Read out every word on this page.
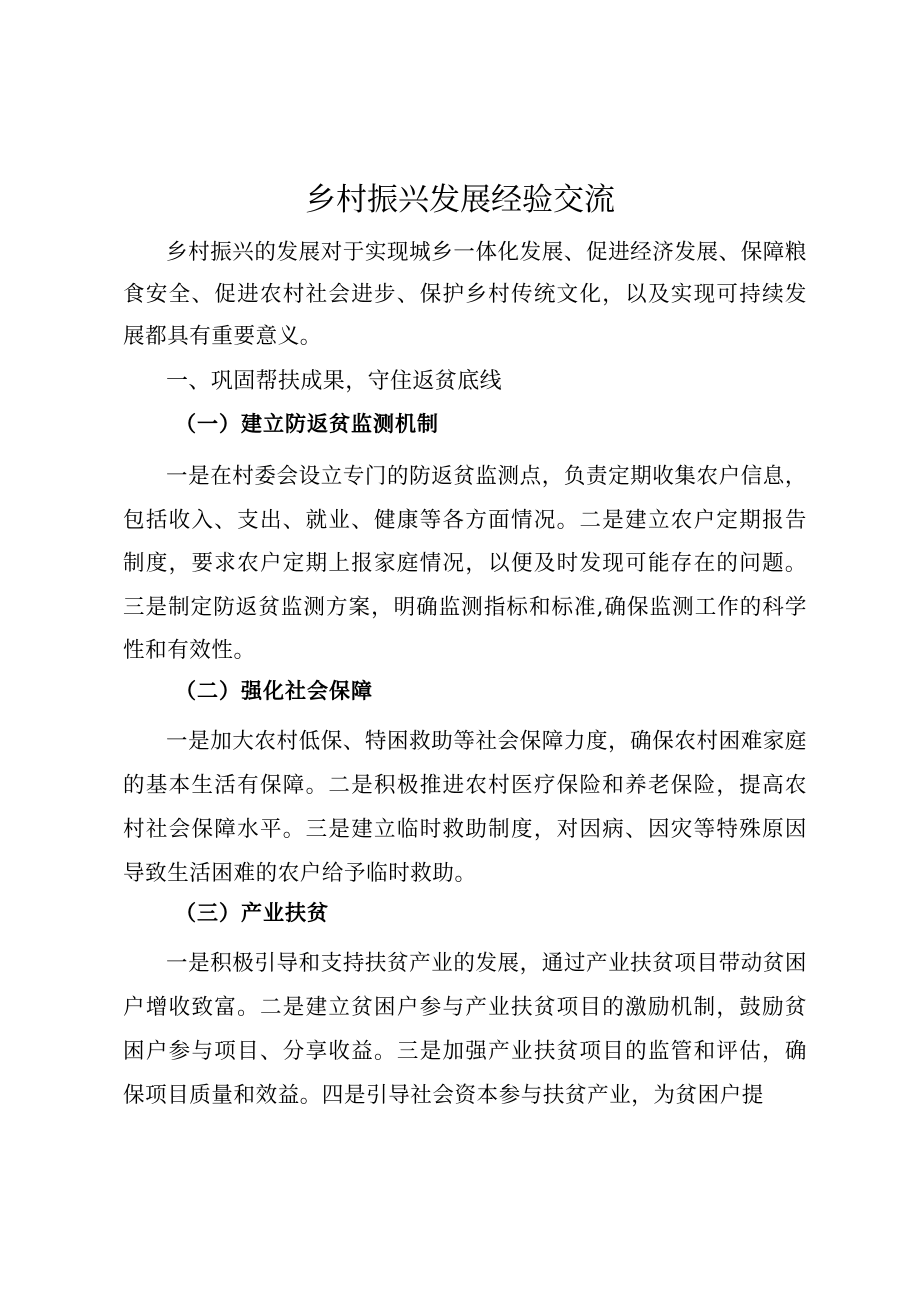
乡村振兴发展经验交流

乡村振兴的发展对于实现城乡一体化发展、促进经济发展、保障粮食安全、促进农村社会进步、保护乡村传统文化，以及实现可持续发展都具有重要意义。

一、巩固帮扶成果，守住返贫底线
（一）建立防返贫监测机制

一是在村委会设立专门的防返贫监测点，负责定期收集农户信息，包括收入、支出、就业、健康等各方面情况。二是建立农户定期报告制度，要求农户定期上报家庭情况，以便及时发现可能存在的问题。三是制定防返贫监测方案，明确监测指标和标准,确保监测工作的科学性和有效性。

（二）强化社会保障

一是加大农村低保、特困救助等社会保障力度，确保农村困难家庭的基本生活有保障。二是积极推进农村医疗保险和养老保险，提高农村社会保障水平。三是建立临时救助制度，对因病、因灾等特殊原因导致生活困难的农户给予临时救助。

（三）产业扶贫

一是积极引导和支持扶贫产业的发展，通过产业扶贫项目带动贫困户增收致富。二是建立贫困户参与产业扶贫项目的激励机制，鼓励贫困户参与项目、分享收益。三是加强产业扶贫项目的监管和评估，确保项目质量和效益。四是引导社会资本参与扶贫产业，为贫困户提
